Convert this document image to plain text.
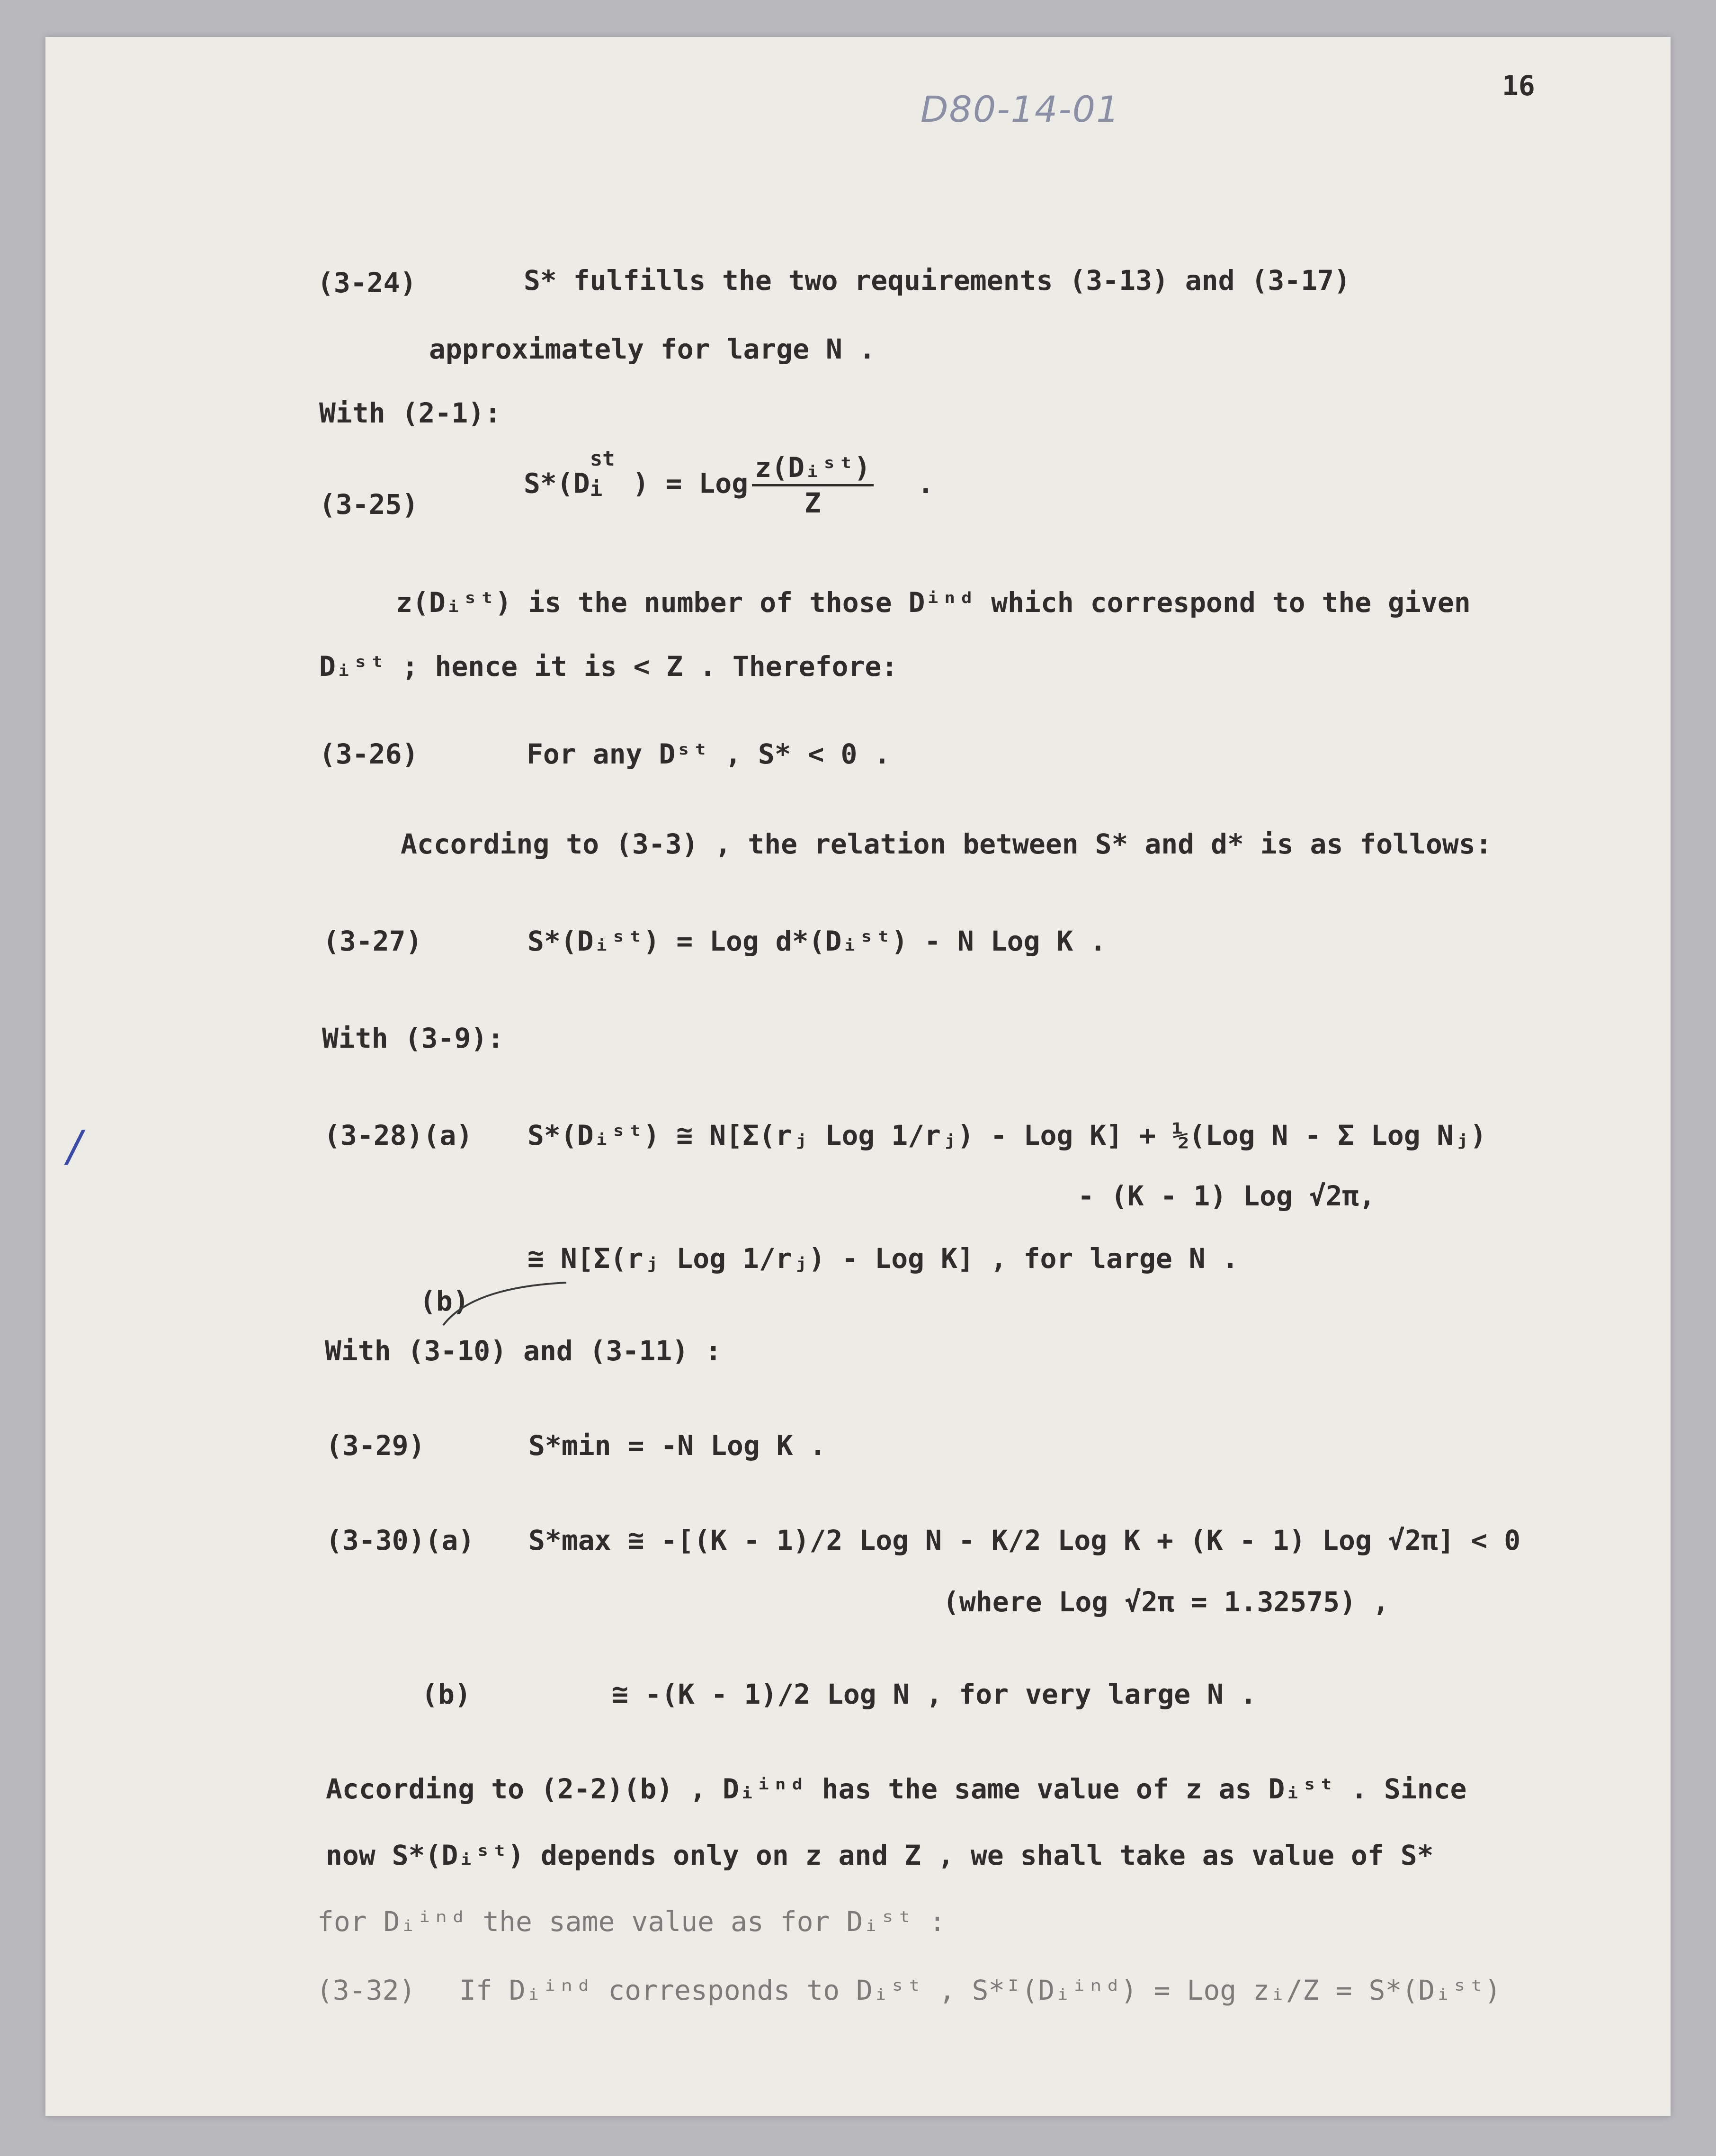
16
D80-14-01
(3-24)	S* fulfills the two requirements (3-13) and (3-17)
approximately for large N .
With (2-1):
(3-25)
S*(D
st
i ) = Log $\frac{\text{z(Dᵢˢᵗ)}}{Z}$ .
z(Dᵢˢᵗ) is the number of those Dⁱⁿᵈ which correspond to the given
Dᵢˢᵗ ; hence it is < Z . Therefore:
(3-26)	For any Dˢᵗ , S* < 0 .
According to (3-3) , the relation between S* and d* is as follows:
(3-27)	S*(Dᵢˢᵗ) = Log d*(Dᵢˢᵗ) - N Log K .
With (3-9):
/	(3-28)(a) S*(Dᵢˢᵗ) ≅ N[Σ(rⱼ Log 1/rⱼ) - Log K] + ½(Log N - Σ Log Nⱼ)
- (K - 1) Log √2π,
(b)
≅ N[Σ(rⱼ Log 1/rⱼ) - Log K] , for large N .
With (3-10) and (3-11) :
(3-29)	S*min = -N Log K .
(3-30)(a) S*max ≅ -[(K - 1)/2 Log N - K/2 Log K + (K - 1) Log √2π] < 0
(where Log √2π = 1.32575) ,
(b)	≅ -(K - 1)/2 Log N , for very large N .
According to (2-2)(b) , Dᵢⁱⁿᵈ has the same value of z as Dᵢˢᵗ . Since
now S*(Dᵢˢᵗ) depends only on z and Z , we shall take as value of S*
for Dᵢⁱⁿᵈ the same value as for Dᵢˢᵗ :
(3-32) If Dᵢⁱⁿᵈ corresponds to Dᵢˢᵗ , S*ᴵ(Dᵢⁱⁿᵈ) = Log zᵢ/Z = S*(Dᵢˢᵗ)
